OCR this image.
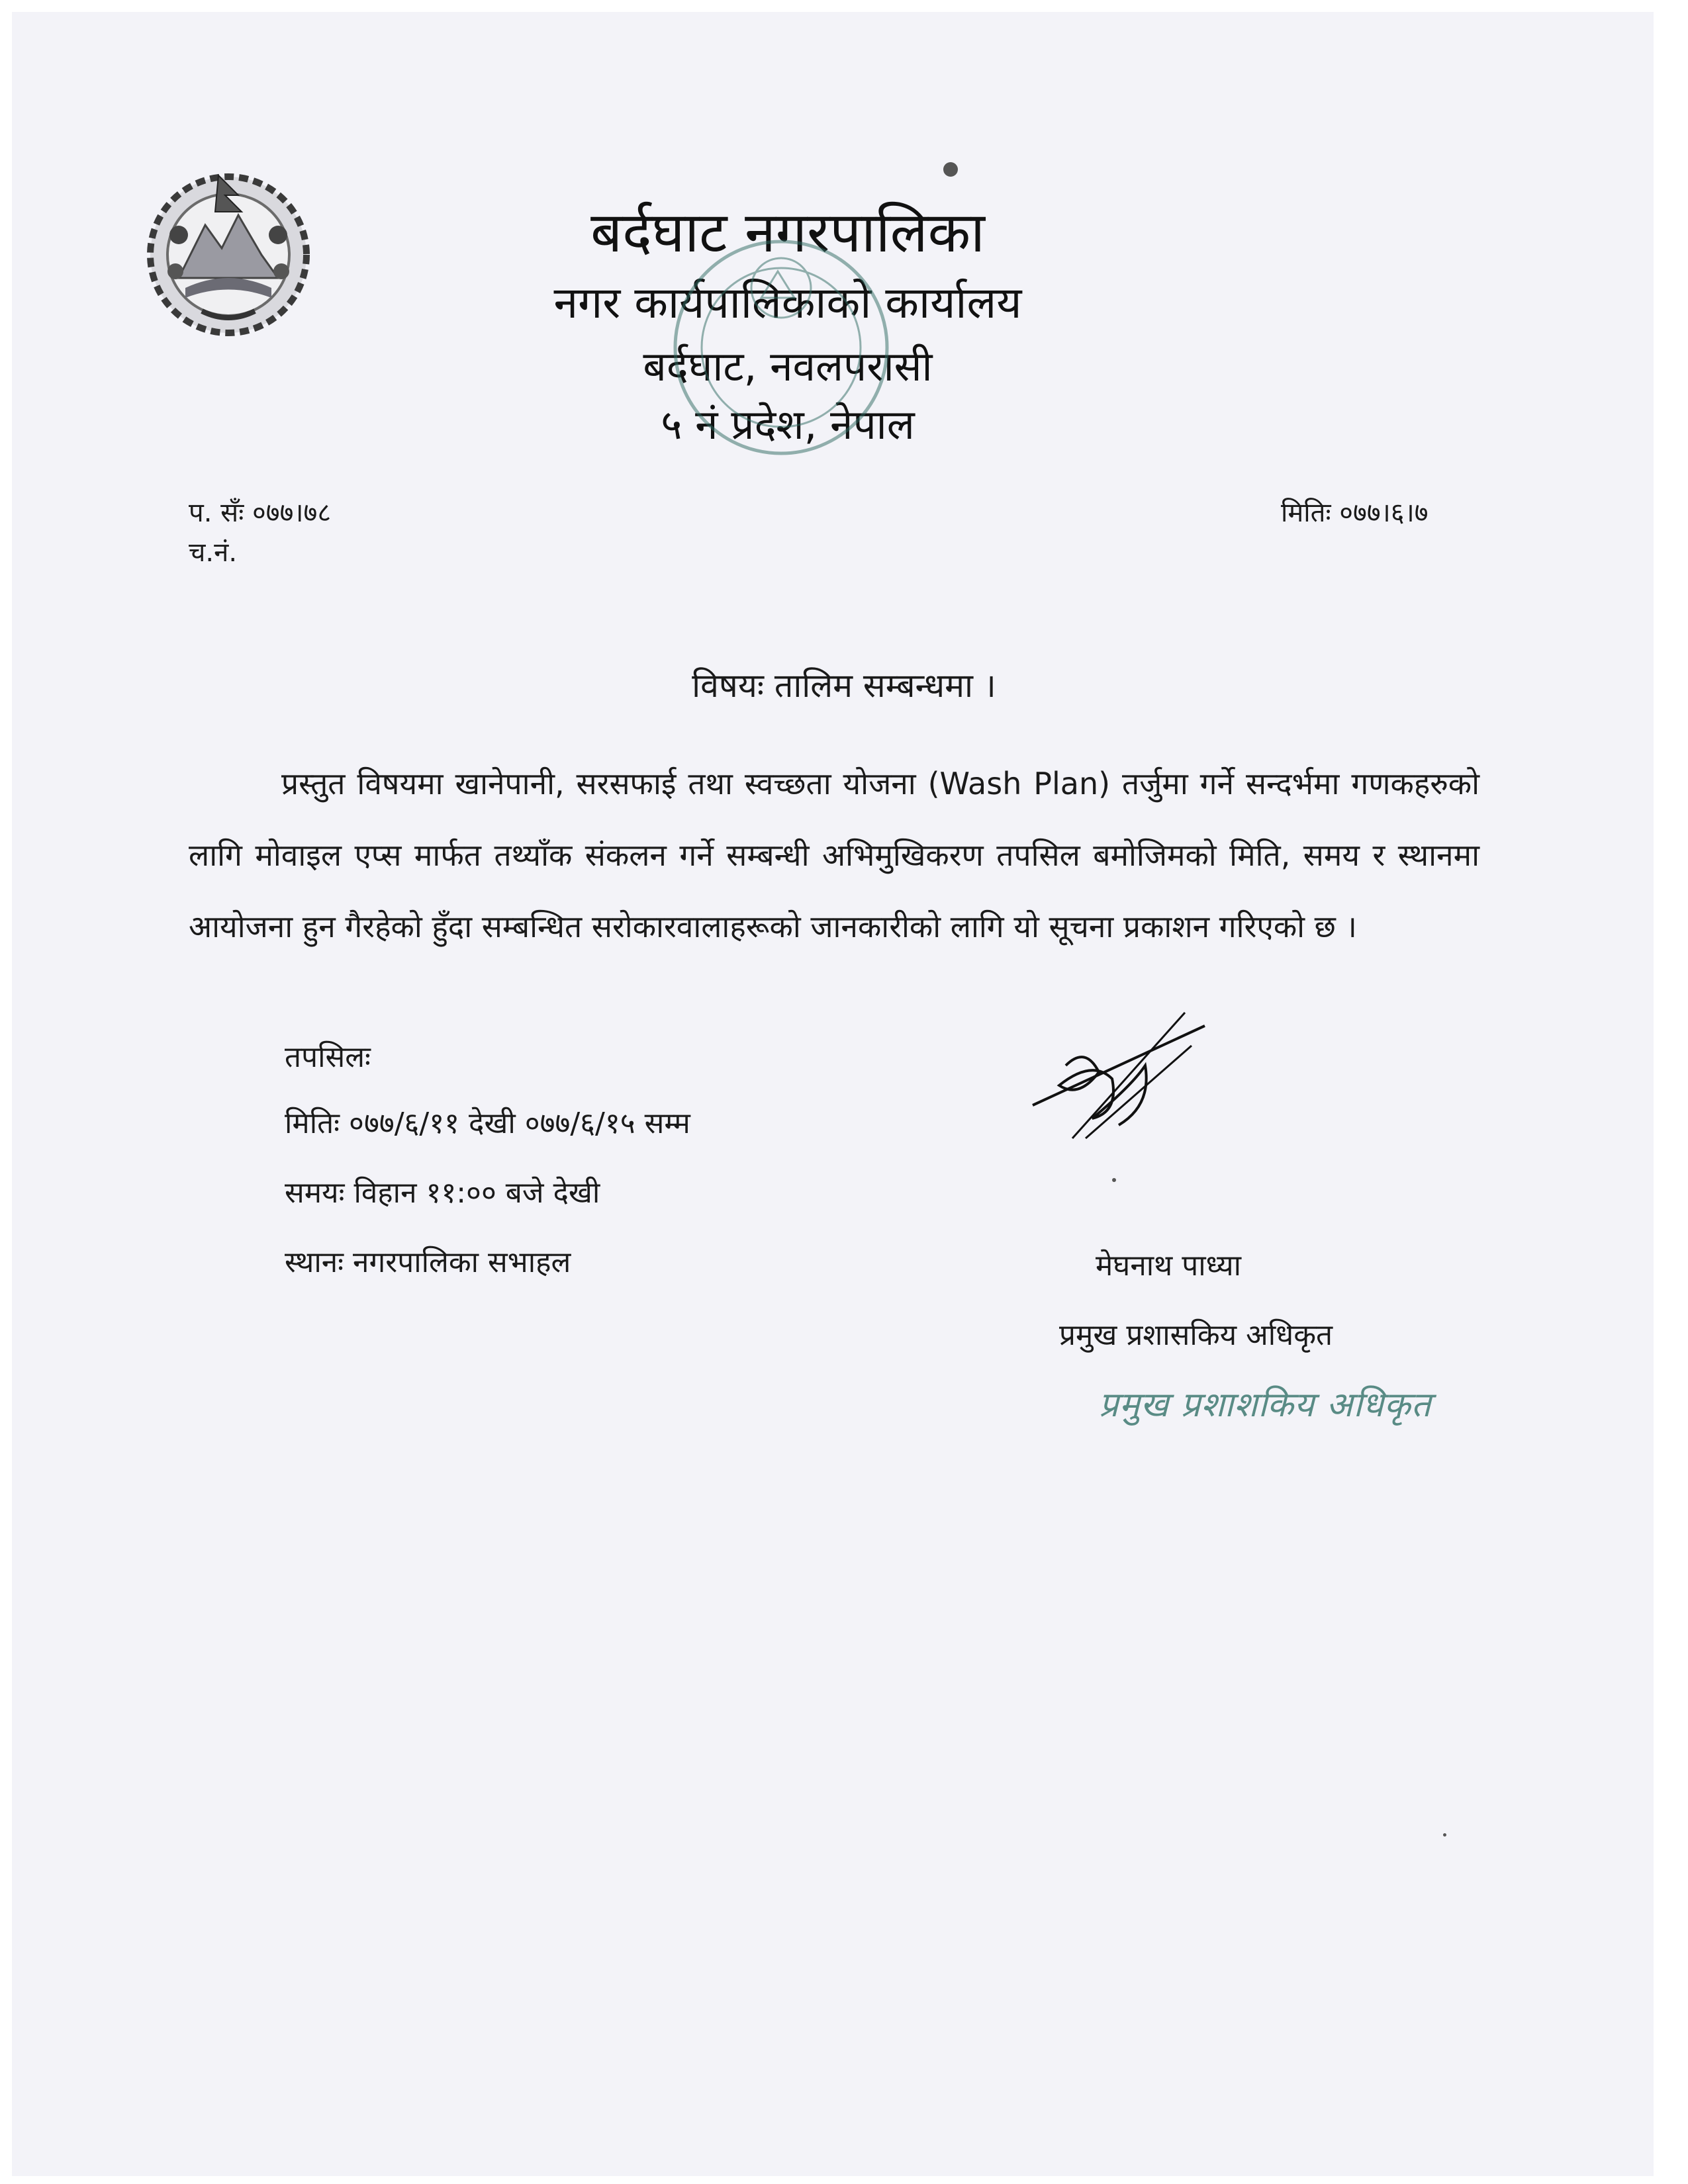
बर्दघाट नगरपालिका
नगर कार्यपालिकाको कार्यालय
बर्दघाट, नवलपरासी
५ नं प्रदेश, नेपाल
प. सँः ०७७।७८
च.नं.
मितिः ०७७।६।७
विषयः तालिम सम्बन्धमा ।
प्रस्तुत विषयमा खानेपानी, सरसफाई तथा स्वच्छता योजना (Wash Plan) तर्जुमा गर्ने सन्दर्भमा गणकहरुको लागि मोवाइल एप्स मार्फत तथ्याँक संकलन गर्ने सम्बन्धी अभिमुखिकरण तपसिल बमोजिमको मिति, समय र स्थानमा आयोजना हुन गैरहेको हुँदा सम्बन्धित सरोकारवालाहरूको जानकारीको लागि यो सूचना प्रकाशन गरिएको छ ।
तपसिलः
मितिः ०७७/६/११ देखी ०७७/६/१५ सम्म
समयः विहान ११:०० बजे देखी
स्थानः नगरपालिका सभाहल	मेघनाथ पाध्या
प्रमुख प्रशासकिय अधिकृत
प्रमुख प्रशाशकिय अधिकृत
